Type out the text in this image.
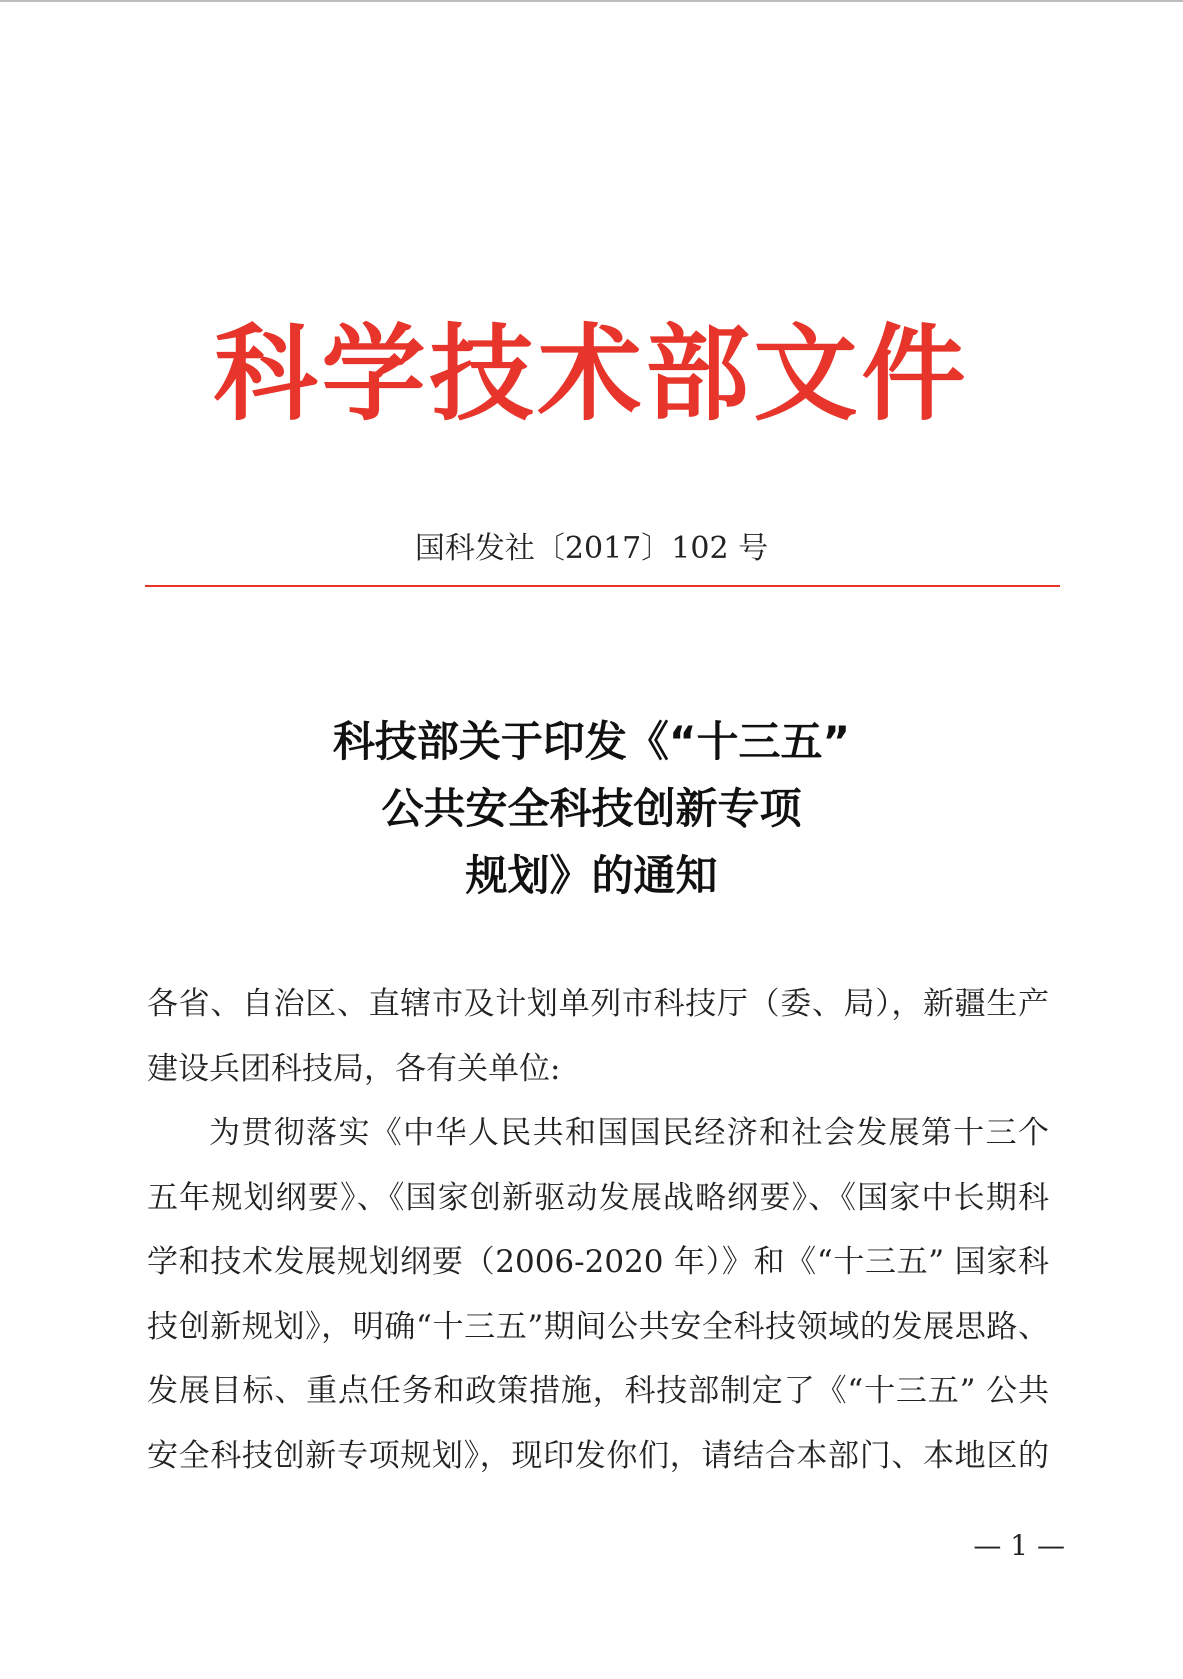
科学技术部文件
国科发社〔2017〕102 号
科技部关于印发《“十三五”
公共安全科技创新专项
规划》的通知
各省、自治区、直辖市及计划单列市科技厅（委、局），新疆生产
建设兵团科技局，各有关单位:
为贯彻落实《中华人民共和国国民经济和社会发展第十三个
五年规划纲要》、《国家创新驱动发展战略纲要》、《国家中长期科
学和技术发展规划纲要（2006-2020 年）》和《“十三五” 国家科
技创新规划》，明确“十三五”期间公共安全科技领域的发展思路、
发展目标、重点任务和政策措施，科技部制定了《“十三五” 公共
安全科技创新专项规划》，现印发你们，请结合本部门、本地区的
— 1 —
